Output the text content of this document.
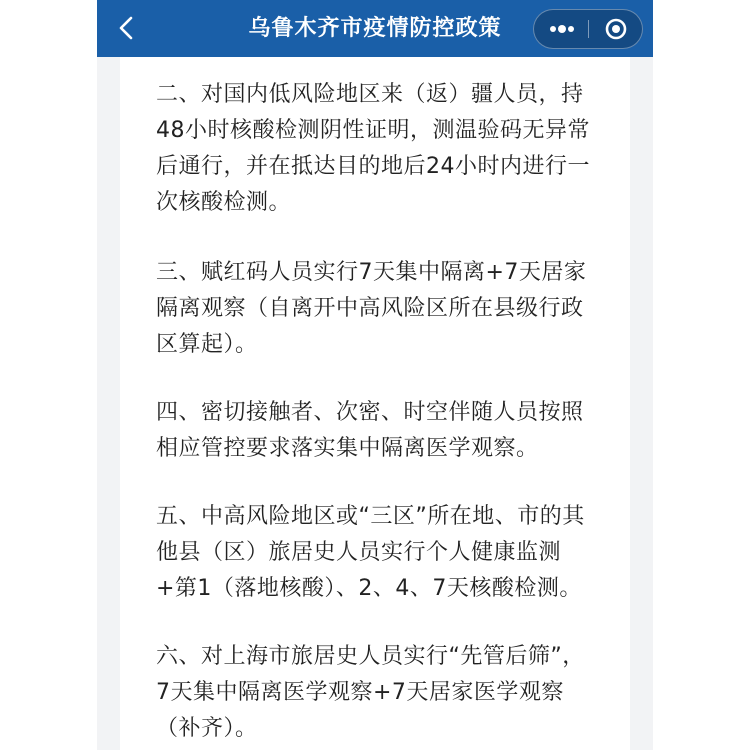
乌鲁木齐市疫情防控政策

二、对国内低风险地区来（返）疆人员，持48小时核酸检测阴性证明，测温验码无异常后通行，并在抵达目的地后24小时内进行一次核酸检测。

三、赋红码人员实行7天集中隔离+7天居家隔离观察（自离开中高风险区所在县级行政区算起）。

四、密切接触者、次密、时空伴随人员按照相应管控要求落实集中隔离医学观察。

五、中高风险地区或“三区”所在地、市的其他县（区）旅居史人员实行个人健康监测+第1（落地核酸）、2、4、7天核酸检测。

六、对上海市旅居史人员实行“先管后筛”，7天集中隔离医学观察+7天居家医学观察（补齐）。
